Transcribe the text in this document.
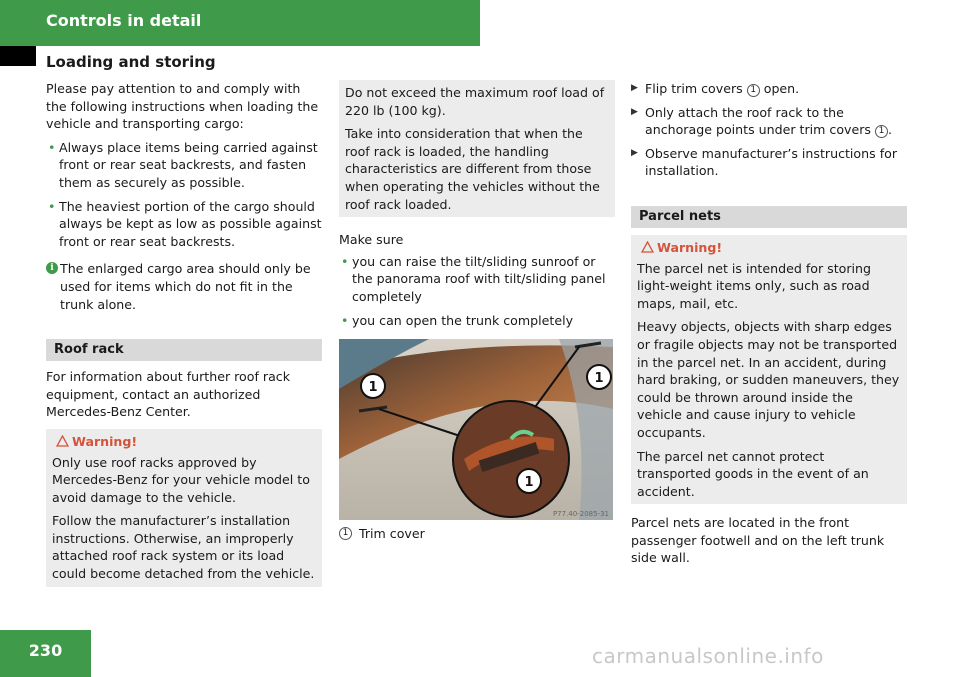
Controls in detail
Loading and storing

Please pay attention to and comply with the following instructions when loading the vehicle and transporting cargo:

• Always place items being carried against front or rear seat backrests, and fasten them as securely as possible.
• The heaviest portion of the cargo should always be kept as low as possible against front or rear seat backrests.
i The enlarged cargo area should only be used for items which do not fit in the trunk alone.
Roof rack

For information about further roof rack equipment, contact an authorized Mercedes-Benz Center.

Warning!

Only use roof racks approved by Mercedes-Benz for your vehicle model to avoid damage to the vehicle.

Follow the manufacturer’s installation instructions. Otherwise, an improperly attached roof rack system or its load could become detached from the vehicle.

Do not exceed the maximum roof load of 220 lb (100 kg).

Take into consideration that when the roof rack is loaded, the handling characteristics are different from those when operating the vehicles without the roof rack loaded.

Make sure

• you can raise the tilt/sliding sunroof or the panorama roof with tilt/sliding panel completely
• you can open the trunk completely
1
1
1
P77.40-2085-31
1 Trim cover
▶ Flip trim covers 1 open.
▶ Only attach the roof rack to the anchorage points under trim covers 1 .
▶ Observe manufacturer’s instructions for installation.
Parcel nets
Warning!

The parcel net is intended for storing light-weight items only, such as road maps, mail, etc.

Heavy objects, objects with sharp edges or fragile objects may not be transported in the parcel net. In an accident, during hard braking, or sudden maneuvers, they could be thrown around inside the vehicle and cause injury to vehicle occupants.

The parcel net cannot protect transported goods in the event of an accident.

Parcel nets are located in the front passenger footwell and on the left trunk side wall.

230	carmanualsonline.info
